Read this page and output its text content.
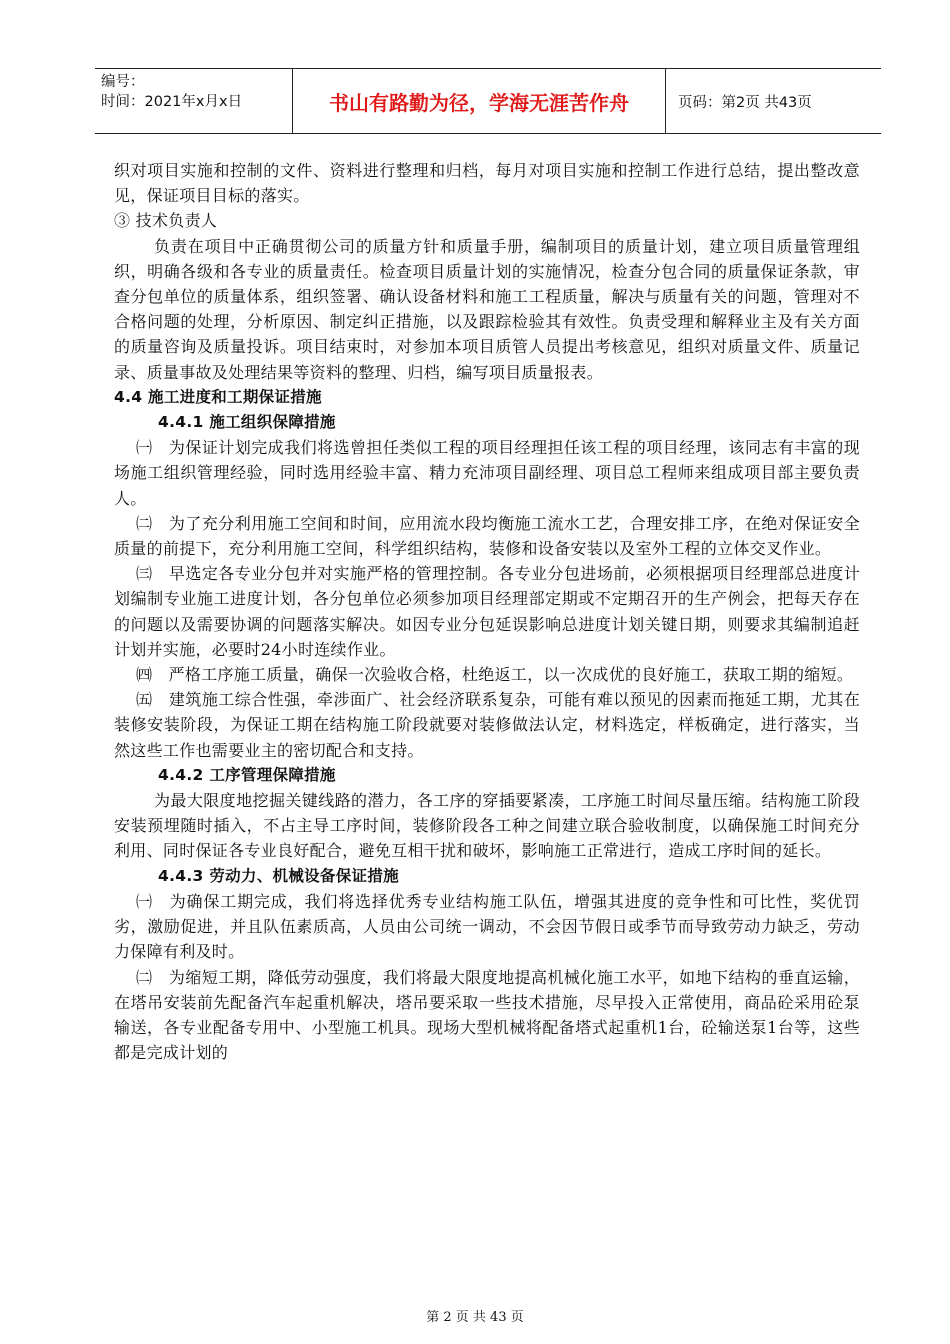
编号：
时间：2021年x月x日	书山有路勤为径，学海无涯苦作舟	页码：第2页 共43页

织对项目实施和控制的文件、资料进行整理和归档，每月对项目实施和控制工作进行总结，提出整改意见，保证项目目标的落实。

③ 技术负责人

负责在项目中正确贯彻公司的质量方针和质量手册，编制项目的质量计划，建立项目质量管理组织，明确各级和各专业的质量责任。检查项目质量计划的实施情况，检查分包合同的质量保证条款，审查分包单位的质量体系，组织签署、确认设备材料和施工工程质量，解决与质量有关的问题，管理对不合格问题的处理，分析原因、制定纠正措施，以及跟踪检验其有效性。负责受理和解释业主及有关方面的质量咨询及质量投诉。项目结束时，对参加本项目质管人员提出考核意见，组织对质量文件、质量记录、质量事故及处理结果等资料的整理、归档，编写项目质量报表。

4.4 施工进度和工期保证措施

4.4.1 施工组织保障措施

㈠　为保证计划完成我们将选曾担任类似工程的项目经理担任该工程的项目经理，该同志有丰富的现场施工组织管理经验，同时选用经验丰富、精力充沛项目副经理、项目总工程师来组成项目部主要负责人。

㈡　为了充分利用施工空间和时间，应用流水段均衡施工流水工艺，合理安排工序，在绝对保证安全质量的前提下，充分利用施工空间，科学组织结构，装修和设备安装以及室外工程的立体交叉作业。

㈢　早选定各专业分包并对实施严格的管理控制。各专业分包进场前，必须根据项目经理部总进度计划编制专业施工进度计划，各分包单位必须参加项目经理部定期或不定期召开的生产例会，把每天存在的问题以及需要协调的问题落实解决。如因专业分包延误影响总进度计划关键日期，则要求其编制追赶计划并实施，必要时24小时连续作业。

㈣　严格工序施工质量，确保一次验收合格，杜绝返工，以一次成优的良好施工，获取工期的缩短。

㈤　建筑施工综合性强，牵涉面广、社会经济联系复杂，可能有难以预见的因素而拖延工期，尤其在装修安装阶段，为保证工期在结构施工阶段就要对装修做法认定，材料选定，样板确定，进行落实，当然这些工作也需要业主的密切配合和支持。

4.4.2 工序管理保障措施

为最大限度地挖掘关键线路的潜力，各工序的穿插要紧凑，工序施工时间尽量压缩。结构施工阶段安装预埋随时插入，不占主导工序时间，装修阶段各工种之间建立联合验收制度，以确保施工时间充分利用、同时保证各专业良好配合，避免互相干扰和破坏，影响施工正常进行，造成工序时间的延长。

4.4.3 劳动力、机械设备保证措施

㈠　为确保工期完成，我们将选择优秀专业结构施工队伍，增强其进度的竞争性和可比性，奖优罚劣，激励促进，并且队伍素质高，人员由公司统一调动，不会因节假日或季节而导致劳动力缺乏，劳动力保障有利及时。

㈡　为缩短工期，降低劳动强度，我们将最大限度地提高机械化施工水平，如地下结构的垂直运输，在塔吊安装前先配备汽车起重机解决，塔吊要采取一些技术措施，尽早投入正常使用，商品砼采用砼泵输送，各专业配备专用中、小型施工机具。现场大型机械将配备塔式起重机1台，砼输送泵1台等，这些都是完成计划的

第 2 页 共 43 页
